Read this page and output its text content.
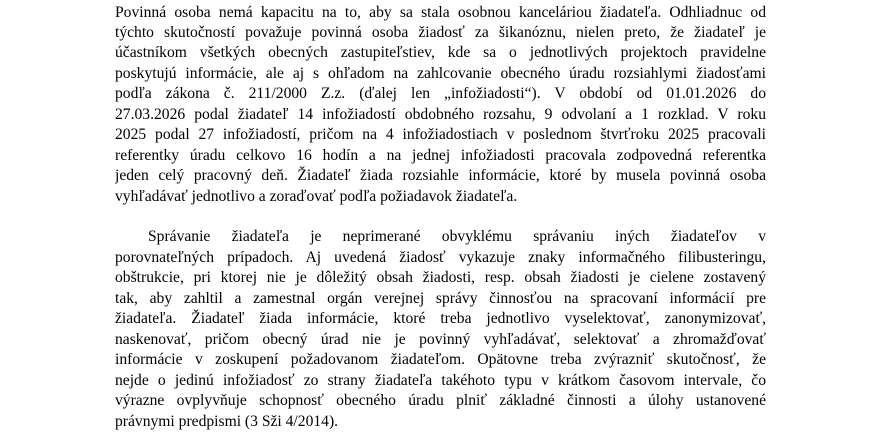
Povinná osoba nemá kapacitu na to, aby sa stala osobnou kanceláriou žiadateľa. Odhliadnuc od
týchto skutočností považuje povinná osoba žiadosť za šikanóznu, nielen preto, že žiadateľ je
účastníkom všetkých obecných zastupiteľstiev, kde sa o jednotlivých projektoch pravidelne
poskytujú informácie, ale aj s ohľadom na zahlcovanie obecného úradu rozsiahlymi žiadosťami
podľa zákona č. 211/2000 Z.z. (ďalej len „infožiadosti“). V období od 01.01.2026 do
27.03.2026 podal žiadateľ 14 infožiadostí obdobného rozsahu, 9 odvolaní a 1 rozklad. V roku
2025 podal 27 infožiadostí, pričom na 4 infožiadostiach v poslednom štvrťroku 2025 pracovali
referentky úradu celkovo 16 hodín a na jednej infožiadosti pracovala zodpovedná referentka
jeden celý pracovný deň. Žiadateľ žiada rozsiahle informácie, ktoré by musela povinná osoba
vyhľadávať jednotlivo a zoraďovať podľa požiadavok žiadateľa.
Správanie žiadateľa je neprimerané obvyklému správaniu iných žiadateľov v
porovnateľných prípadoch. Aj uvedená žiadosť vykazuje znaky informačného filibusteringu,
obštrukcie, pri ktorej nie je dôležitý obsah žiadosti, resp. obsah žiadosti je cielene zostavený
tak, aby zahltil a zamestnal orgán verejnej správy činnosťou na spracovaní informácií pre
žiadateľa. Žiadateľ žiada informácie, ktoré treba jednotlivo vyselektovať, zanonymizovať,
naskenovať, pričom obecný úrad nie je povinný vyhľadávať, selektovať a zhromažďovať
informácie v zoskupení požadovanom žiadateľom. Opätovne treba zvýrazniť skutočnosť, že
nejde o jedinú infožiadosť zo strany žiadateľa takéhoto typu v krátkom časovom intervale, čo
výrazne ovplyvňuje schopnosť obecného úradu plniť základné činnosti a úlohy ustanovené
právnymi predpismi (3 Sži 4/2014).
